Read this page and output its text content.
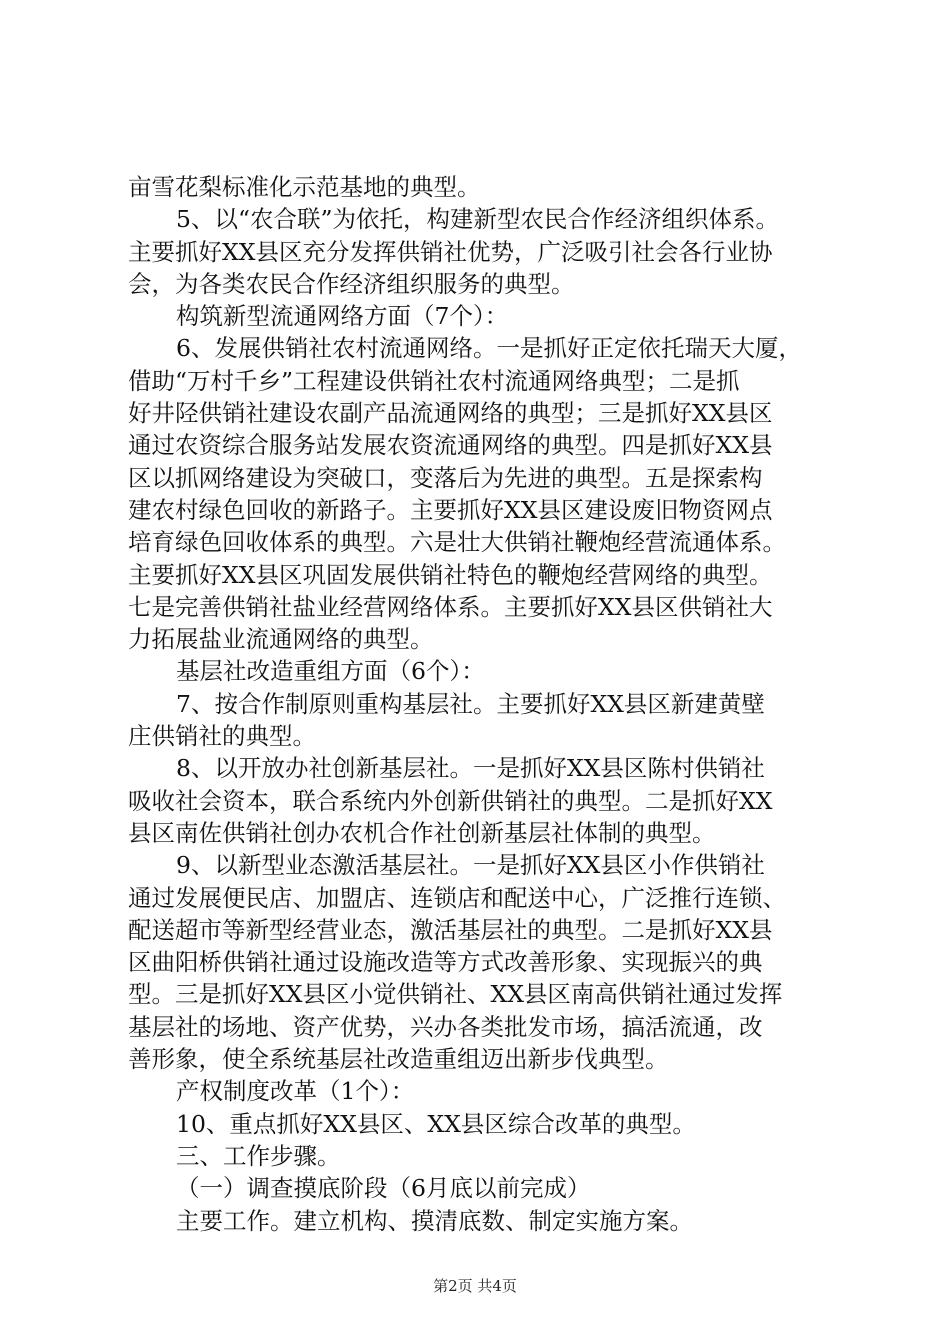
亩雪花梨标准化示范基地的典型。
5、以“农合联”为依托，构建新型农民合作经济组织体系。
主要抓好XX县区充分发挥供销社优势，广泛吸引社会各行业协
会，为各类农民合作经济组织服务的典型。
构筑新型流通网络方面（7个）：
6、发展供销社农村流通网络。一是抓好正定依托瑞天大厦，
借助“万村千乡”工程建设供销社农村流通网络典型；二是抓
好井陉供销社建设农副产品流通网络的典型；三是抓好XX县区
通过农资综合服务站发展农资流通网络的典型。四是抓好XX县
区以抓网络建设为突破口，变落后为先进的典型。五是探索构
建农村绿色回收的新路子。主要抓好XX县区建设废旧物资网点
培育绿色回收体系的典型。六是壮大供销社鞭炮经营流通体系。
主要抓好XX县区巩固发展供销社特色的鞭炮经营网络的典型。
七是完善供销社盐业经营网络体系。主要抓好XX县区供销社大
力拓展盐业流通网络的典型。
基层社改造重组方面（6个）：
7、按合作制原则重构基层社。主要抓好XX县区新建黄壁
庄供销社的典型。
8、以开放办社创新基层社。一是抓好XX县区陈村供销社
吸收社会资本，联合系统内外创新供销社的典型。二是抓好XX
县区南佐供销社创办农机合作社创新基层社体制的典型。
9、以新型业态激活基层社。一是抓好XX县区小作供销社
通过发展便民店、加盟店、连锁店和配送中心，广泛推行连锁、
配送超市等新型经营业态，激活基层社的典型。二是抓好XX县
区曲阳桥供销社通过设施改造等方式改善形象、实现振兴的典
型。三是抓好XX县区小觉供销社、XX县区南高供销社通过发挥
基层社的场地、资产优势，兴办各类批发市场，搞活流通，改
善形象，使全系统基层社改造重组迈出新步伐典型。
产权制度改革（1个）：
10、重点抓好XX县区、XX县区综合改革的典型。
三、工作步骤。
（一）调查摸底阶段（6月底以前完成）
主要工作。建立机构、摸清底数、制定实施方案。
第2页 共4页
